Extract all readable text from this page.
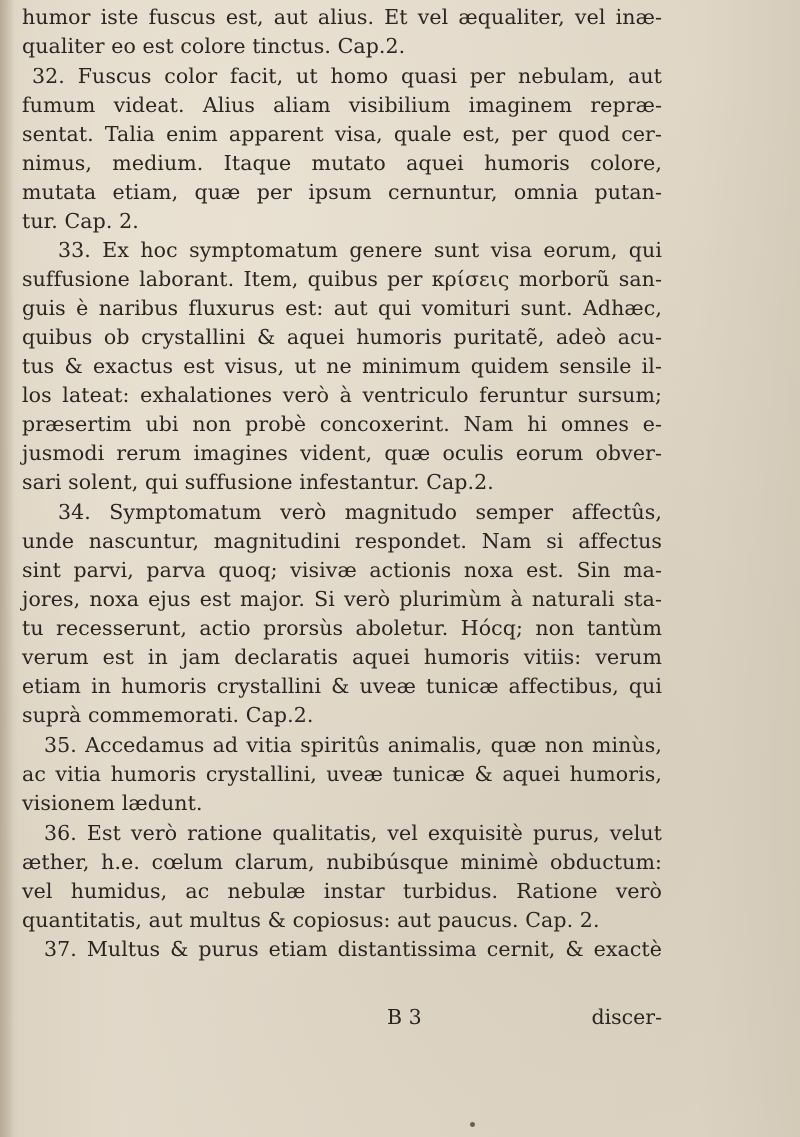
humor iste fuscus est, aut alius. Et vel æqualiter, vel inæ-
qualiter eo est colore tinctus. Cap.2.
32. Fuscus color facit, ut homo quasi per nebulam, aut
fumum videat. Alius aliam visibilium imaginem repræ-
sentat. Talia enim apparent visa, quale est, per quod cer-
nimus, medium. Itaque mutato aquei humoris colore,
mutata etiam, quæ per ipsum cernuntur, omnia putan-
tur. Cap. 2.
33. Ex hoc symptomatum genere sunt visa eorum, qui
suffusione laborant. Item, quibus per κρίσεις morborũ san-
guis è naribus fluxurus est: aut qui vomituri sunt. Adhæc,
quibus ob crystallini & aquei humoris puritatẽ, adeò acu-
tus & exactus est visus, ut ne minimum quidem sensile il-
los lateat: exhalationes verò à ventriculo feruntur sursum;
præsertim ubi non probè concoxerint. Nam hi omnes e-
jusmodi rerum imagines vident, quæ oculis eorum obver-
sari solent, qui suffusione infestantur. Cap.2.
34. Symptomatum verò magnitudo semper affectûs,
unde nascuntur, magnitudini respondet. Nam si affectus
sint parvi, parva quoq; visivæ actionis noxa est. Sin ma-
jores, noxa ejus est major. Si verò plurimùm à naturali sta-
tu recesserunt, actio prorsùs aboletur. Hócq; non tantùm
verum est in jam declaratis aquei humoris vitiis: verum
etiam in humoris crystallini & uveæ tunicæ affectibus, qui
suprà commemorati. Cap.2.
35. Accedamus ad vitia spiritûs animalis, quæ non minùs,
ac vitia humoris crystallini, uveæ tunicæ & aquei humoris,
visionem lædunt.
36. Est verò ratione qualitatis, vel exquisitè purus, velut
æther, h.e. cœlum clarum, nubibúsque minimè obductum:
vel humidus, ac nebulæ instar turbidus. Ratione verò
quantitatis, aut multus & copiosus: aut paucus. Cap. 2.
37. Multus & purus etiam distantissima cernit, & exactè
B 3	discer-
